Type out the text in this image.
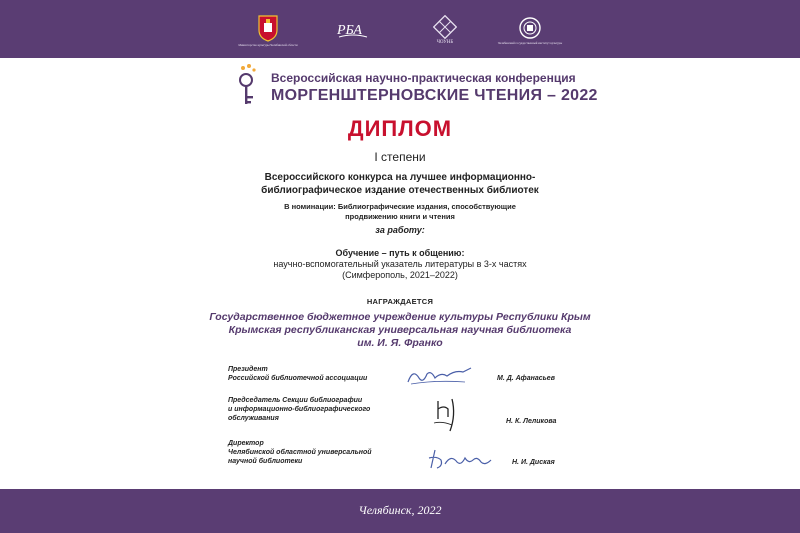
Министерство культуры Челябинской области
РБА
ЧОУНБ	Челябинский государственный институт культуры
Всероссийская научно-практическая конференция
МОРГЕНШТЕРНОВСКИЕ ЧТЕНИЯ – 2022
ДИПЛОМ
I степени
Всероссийского конкурса на лучшее информационно-
библиографическое издание отечественных библиотек
В номинации: Библиографические издания, способствующие
продвижению книги и чтения
за работу:
Обучение – путь к общению:
научно-вспомогательный указатель литературы в 3-х частях
(Симферополь, 2021–2022)
НАГРАЖДАЕТСЯ
Государственное бюджетное учреждение культуры Республики Крым
Крымская республиканская универсальная научная библиотека
им. И. Я. Франко
Президент
Российской библиотечной ассоциации	М. Д. Афанасьев
Председатель Секции библиографии
и информационно-библиографического
обслуживания	Н. К. Леликова
Директор
Челябинской областной универсальной
научной библиотеки	Н. И. Диская
Челябинск, 2022
